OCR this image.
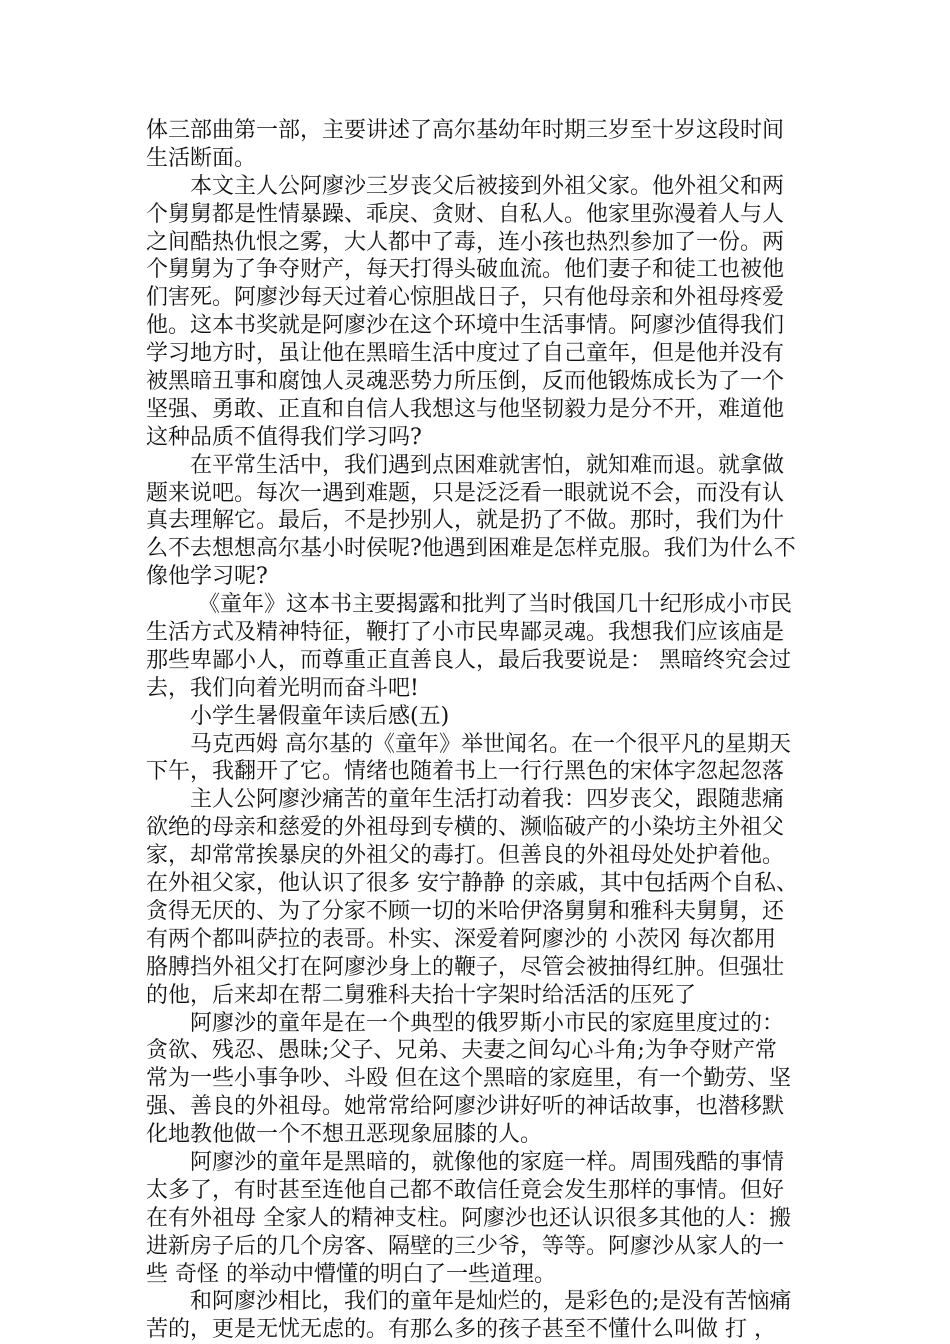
体三部曲第一部，主要讲述了高尔基幼年时期三岁至十岁这段时间
生活断面。
本文主人公阿廖沙三岁丧父后被接到外祖父家。他外祖父和两
个舅舅都是性情暴躁、乖戾、贪财、自私人。他家里弥漫着人与人
之间酷热仇恨之雾，大人都中了毒，连小孩也热烈参加了一份。两
个舅舅为了争夺财产，每天打得头破血流。他们妻子和徒工也被他
们害死。阿廖沙每天过着心惊胆战日子，只有他母亲和外祖母疼爱
他。这本书奖就是阿廖沙在这个环境中生活事情。阿廖沙值得我们
学习地方时，虽让他在黑暗生活中度过了自己童年，但是他并没有
被黑暗丑事和腐蚀人灵魂恶势力所压倒，反而他锻炼成长为了一个
坚强、勇敢、正直和自信人我想这与他坚韧毅力是分不开，难道他
这种品质不值得我们学习吗?
在平常生活中，我们遇到点困难就害怕，就知难而退。就拿做
题来说吧。每次一遇到难题，只是泛泛看一眼就说不会，而没有认
真去理解它。最后，不是抄别人，就是扔了不做。那时，我们为什
么不去想想高尔基小时侯呢?他遇到困难是怎样克服。我们为什么不
像他学习呢?
《童年》这本书主要揭露和批判了当时俄国几十纪形成小市民
生活方式及精神特征，鞭打了小市民卑鄙灵魂。我想我们应该庙是
那些卑鄙小人，而尊重正直善良人，最后我要说是： 黑暗终究会过
去，我们向着光明而奋斗吧!
小学生暑假童年读后感(五)
马克西姆 高尔基的《童年》举世闻名。在一个很平凡的星期天
下午，我翻开了它。情绪也随着书上一行行黑色的宋体字忽起忽落
主人公阿廖沙痛苦的童年生活打动着我：四岁丧父，跟随悲痛
欲绝的母亲和慈爱的外祖母到专横的、濒临破产的小染坊主外祖父
家，却常常挨暴戾的外祖父的毒打。但善良的外祖母处处护着他。
在外祖父家，他认识了很多 安宁静静 的亲戚，其中包括两个自私、
贪得无厌的、为了分家不顾一切的米哈伊洛舅舅和雅科夫舅舅，还
有两个都叫萨拉的表哥。朴实、深爱着阿廖沙的 小茨冈 每次都用
胳膊挡外祖父打在阿廖沙身上的鞭子，尽管会被抽得红肿。但强壮
的他，后来却在帮二舅雅科夫抬十字架时给活活的压死了
阿廖沙的童年是在一个典型的俄罗斯小市民的家庭里度过的：
贪欲、残忍、愚昧;父子、兄弟、夫妻之间勾心斗角;为争夺财产常
常为一些小事争吵、斗殴 但在这个黑暗的家庭里，有一个勤劳、坚
强、善良的外祖母。她常常给阿廖沙讲好听的神话故事，也潜移默
化地教他做一个不想丑恶现象屈膝的人。
阿廖沙的童年是黑暗的，就像他的家庭一样。周围残酷的事情
太多了，有时甚至连他自己都不敢信任竟会发生那样的事情。但好
在有外祖母 全家人的精神支柱。阿廖沙也还认识很多其他的人：搬
进新房子后的几个房客、隔壁的三少爷，等等。阿廖沙从家人的一
些 奇怪 的举动中懵懂的明白了一些道理。
和阿廖沙相比，我们的童年是灿烂的，是彩色的;是没有苦恼痛
苦的，更是无忧无虑的。有那么多的孩子甚至不懂什么叫做 打 ，
